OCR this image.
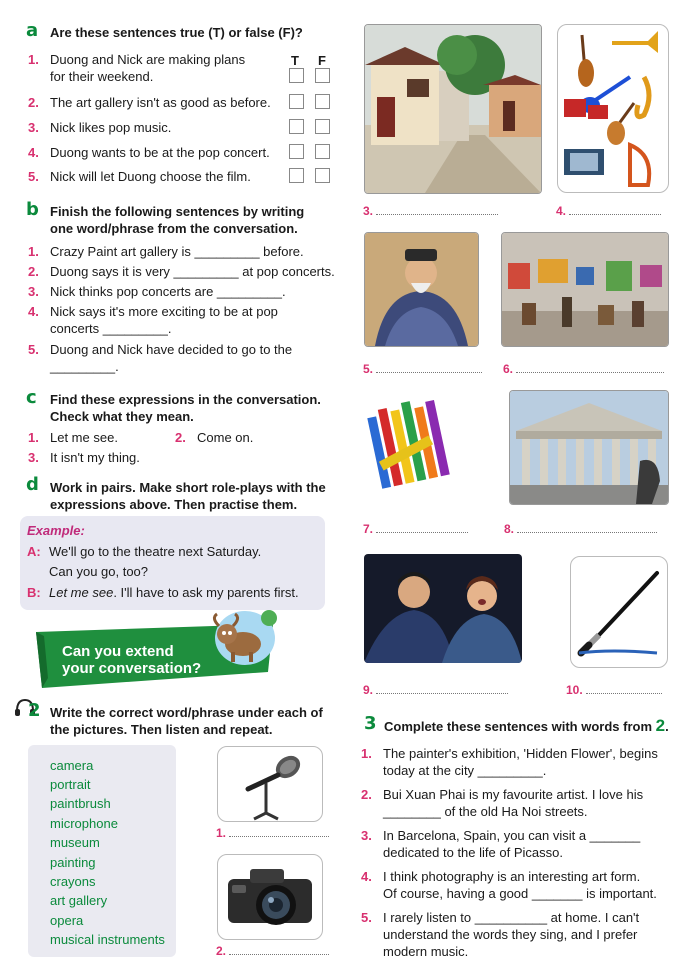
a Are these sentences true (T) or false (F)?
T F
1. Duong and Nick are making plans
for their weekend.
2. The art gallery isn't as good as before.
3. Nick likes pop music.
4. Duong wants to be at the pop concert.
5. Nick will let Duong choose the film.
b Finish the following sentences by writing
one word/phrase from the conversation.
1. Crazy Paint art gallery is _________ before.
2. Duong says it is very _________ at pop concerts.
3. Nick thinks pop concerts are _________.
4. Nick says it's more exciting to be at pop
concerts _________.
5. Duong and Nick have decided to go to the
_________.
c Find these expressions in the conversation.
Check what they mean.
1. Let me see.	2. Come on.
3. It isn't my thing.
d Work in pairs. Make short role-plays with the
expressions above. Then practise them.
Example:
A: We'll go to the theatre next Saturday.
Can you go, too?
B: Let me see. I'll have to ask my parents first.
Can you extend
your conversation?
2 Write the correct word/phrase under each of
the pictures. Then listen and repeat.
camera
portrait
paintbrush
microphone
museum
painting
crayons
art gallery
opera
musical instruments
1.
2.
3.	4.
5.	6.
7.	8.
9.	10.
3 Complete these sentences with words from 2.
1. The painter's exhibition, 'Hidden Flower', begins
today at the city _________.
2. Bui Xuan Phai is my favourite artist. I love his
________ of the old Ha Noi streets.
3. In Barcelona, Spain, you can visit a _______
dedicated to the life of Picasso.
4. I think photography is an interesting art form.
Of course, having a good _______ is important.
5. I rarely listen to __________ at home. I can't
understand the words they sing, and I prefer
modern music.
